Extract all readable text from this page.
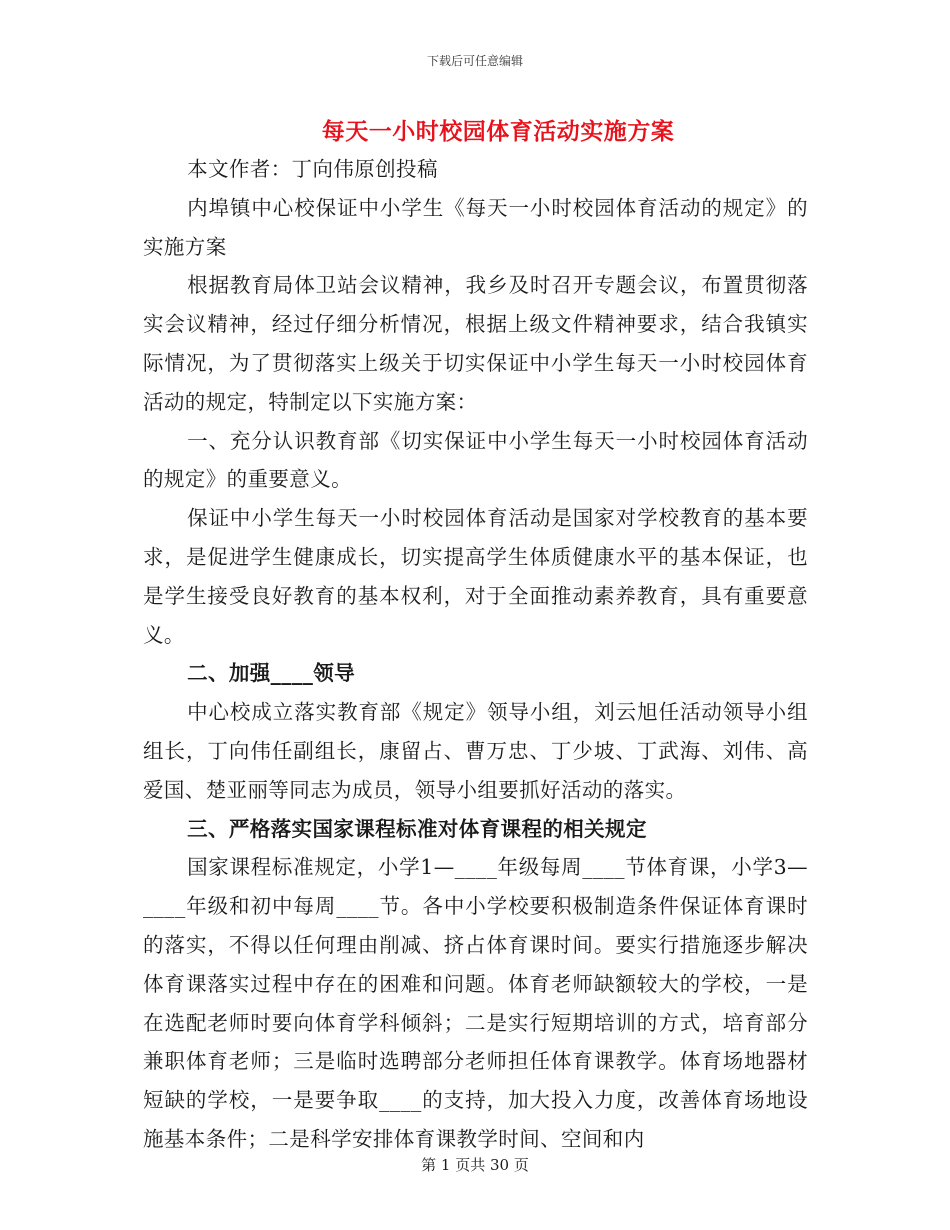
下载后可任意编辑
每天一小时校园体育活动实施方案

本文作者：丁向伟原创投稿

内埠镇中心校保证中小学生《每天一小时校园体育活动的规定》的实施方案

根据教育局体卫站会议精神，我乡及时召开专题会议，布置贯彻落实会议精神，经过仔细分析情况，根据上级文件精神要求，结合我镇实际情况，为了贯彻落实上级关于切实保证中小学生每天一小时校园体育活动的规定，特制定以下实施方案：

一、充分认识教育部《切实保证中小学生每天一小时校园体育活动的规定》的重要意义。

保证中小学生每天一小时校园体育活动是国家对学校教育的基本要求，是促进学生健康成长，切实提高学生体质健康水平的基本保证，也是学生接受良好教育的基本权利，对于全面推动素养教育，具有重要意义。

二、加强____领导

中心校成立落实教育部《规定》领导小组，刘云旭任活动领导小组组长，丁向伟任副组长，康留占、曹万忠、丁少坡、丁武海、刘伟、高爱国、楚亚丽等同志为成员，领导小组要抓好活动的落实。

三、严格落实国家课程标准对体育课程的相关规定

国家课程标准规定，小学1—____年级每周____节体育课，小学3—____年级和初中每周____节。各中小学校要积极制造条件保证体育课时的落实，不得以任何理由削减、挤占体育课时间。要实行措施逐步解决体育课落实过程中存在的困难和问题。体育老师缺额较大的学校，一是在选配老师时要向体育学科倾斜；二是实行短期培训的方式，培育部分兼职体育老师；三是临时选聘部分老师担任体育课教学。体育场地器材短缺的学校，一是要争取____的支持，加大投入力度，改善体育场地设施基本条件；二是科学安排体育课教学时间、空间和内

第 1 页共 30 页
